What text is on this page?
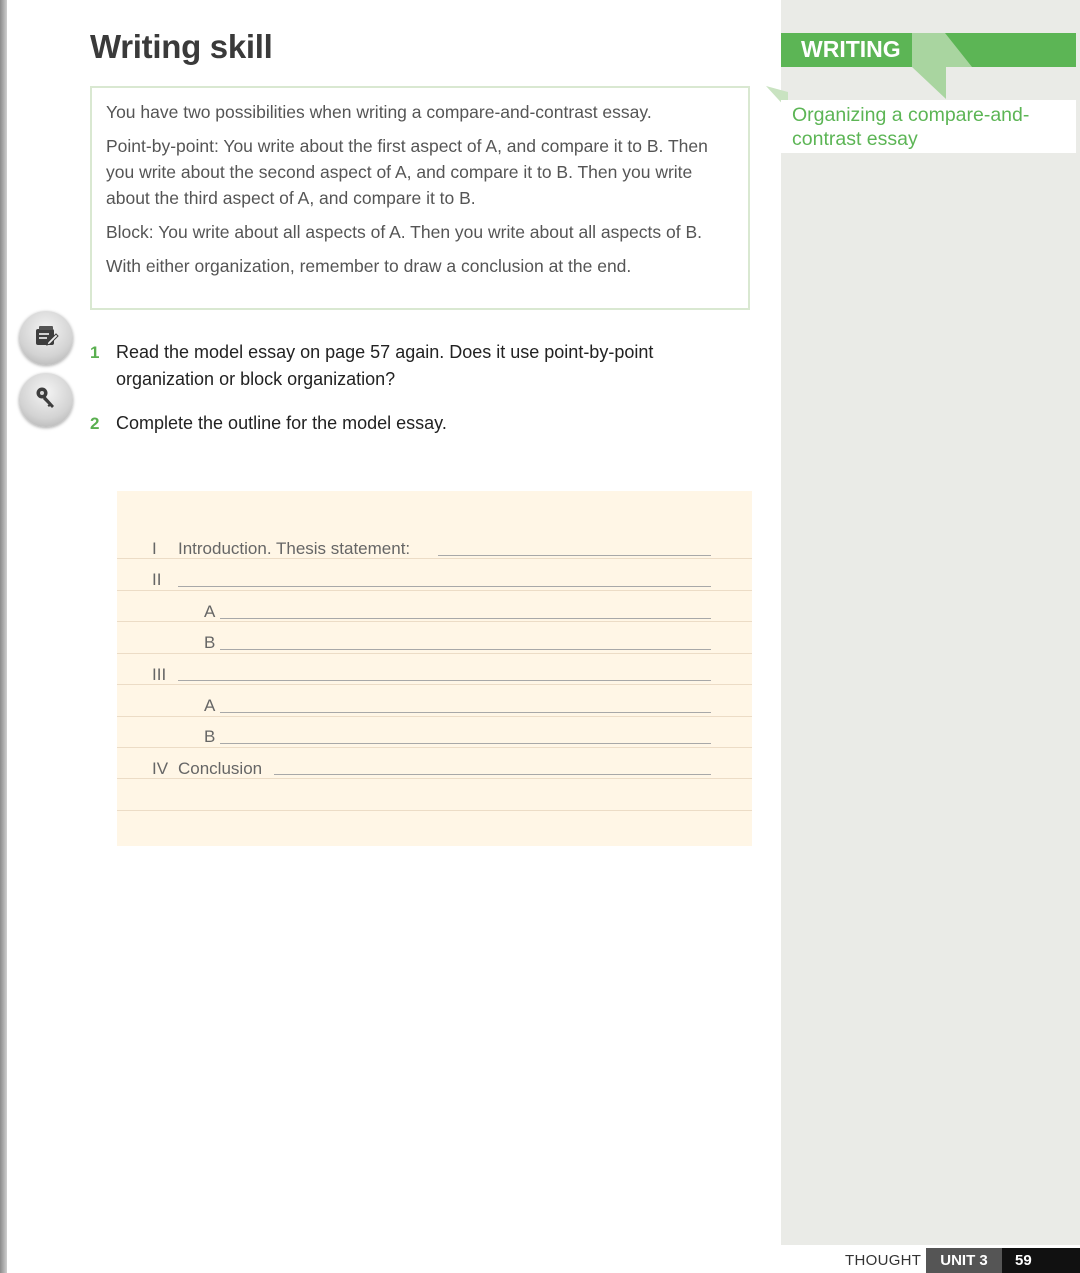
Writing skill

You have two possibilities when writing a compare-and-contrast essay.

Point-by-point: You write about the first aspect of A, and compare it to B. Then you write about the second aspect of A, and compare it to B. Then you write about the third aspect of A, and compare it to B.

Block: You write about all aspects of A. Then you write about all aspects of B.

With either organization, remember to draw a conclusion at the end.

1 Read the model essay on page 57 again. Does it use point-by-point organization or block organization?
2 Complete the outline for the model essay.
I Introduction. Thesis statement:
II
A
B
III
A
B
IV Conclusion
WRITING
Organizing a compare-and-contrast essay
THOUGHT	UNIT 3	59
